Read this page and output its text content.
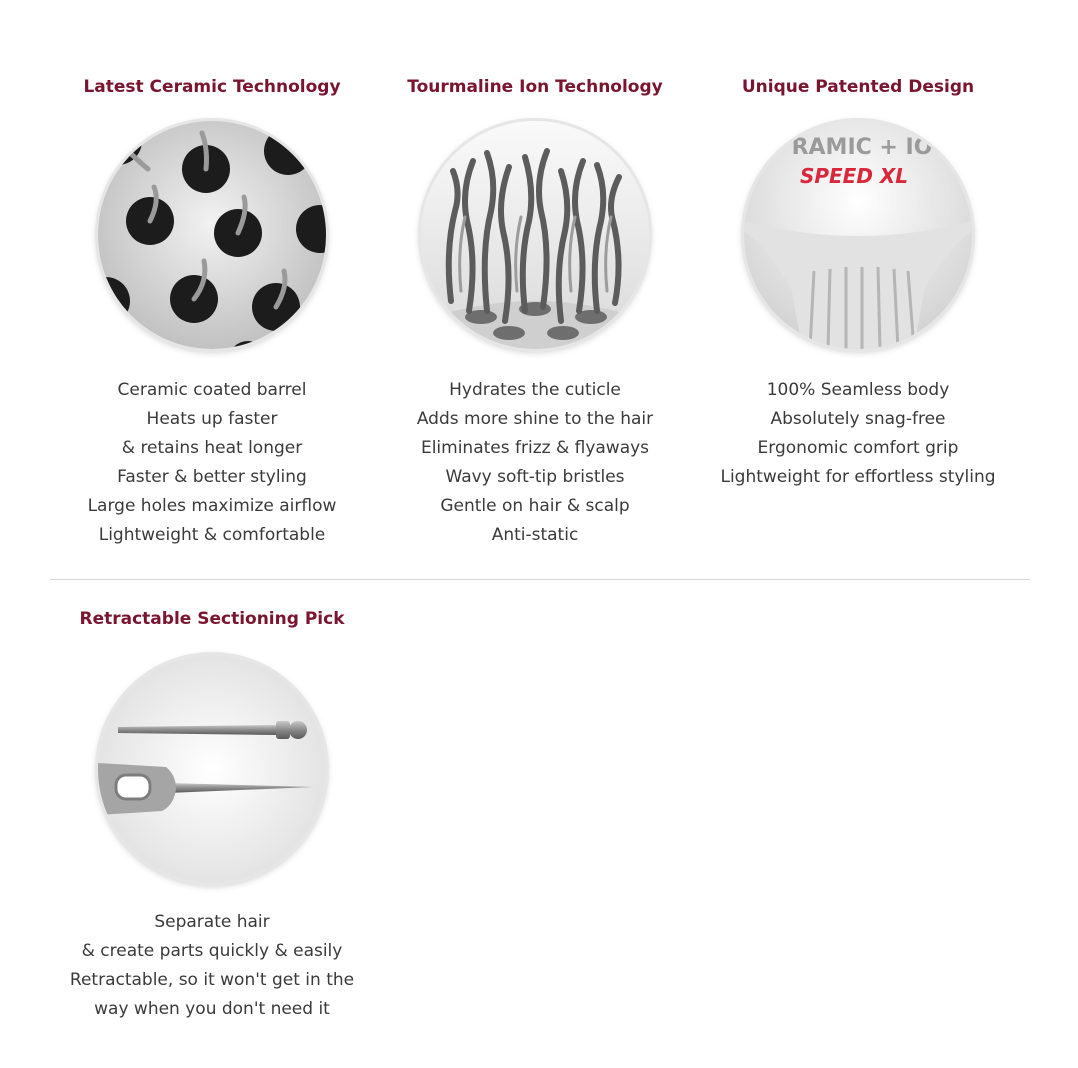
Latest Ceramic Technology
Ceramic coated barrel
Heats up faster
& retains heat longer
Faster & better styling
Large holes maximize airflow
Lightweight & comfortable
Tourmaline Ion Technology
Hydrates the cuticle
Adds more shine to the hair
Eliminates frizz & flyaways
Wavy soft-tip bristles
Gentle on hair & scalp
Anti-static
Unique Patented Design
RAMIC + IO
SPEED XL
100% Seamless body
Absolutely snag-free
Ergonomic comfort grip
Lightweight for effortless styling
Retractable Sectioning Pick
Separate hair
& create parts quickly & easily
Retractable, so it won't get in the
way when you don't need it
